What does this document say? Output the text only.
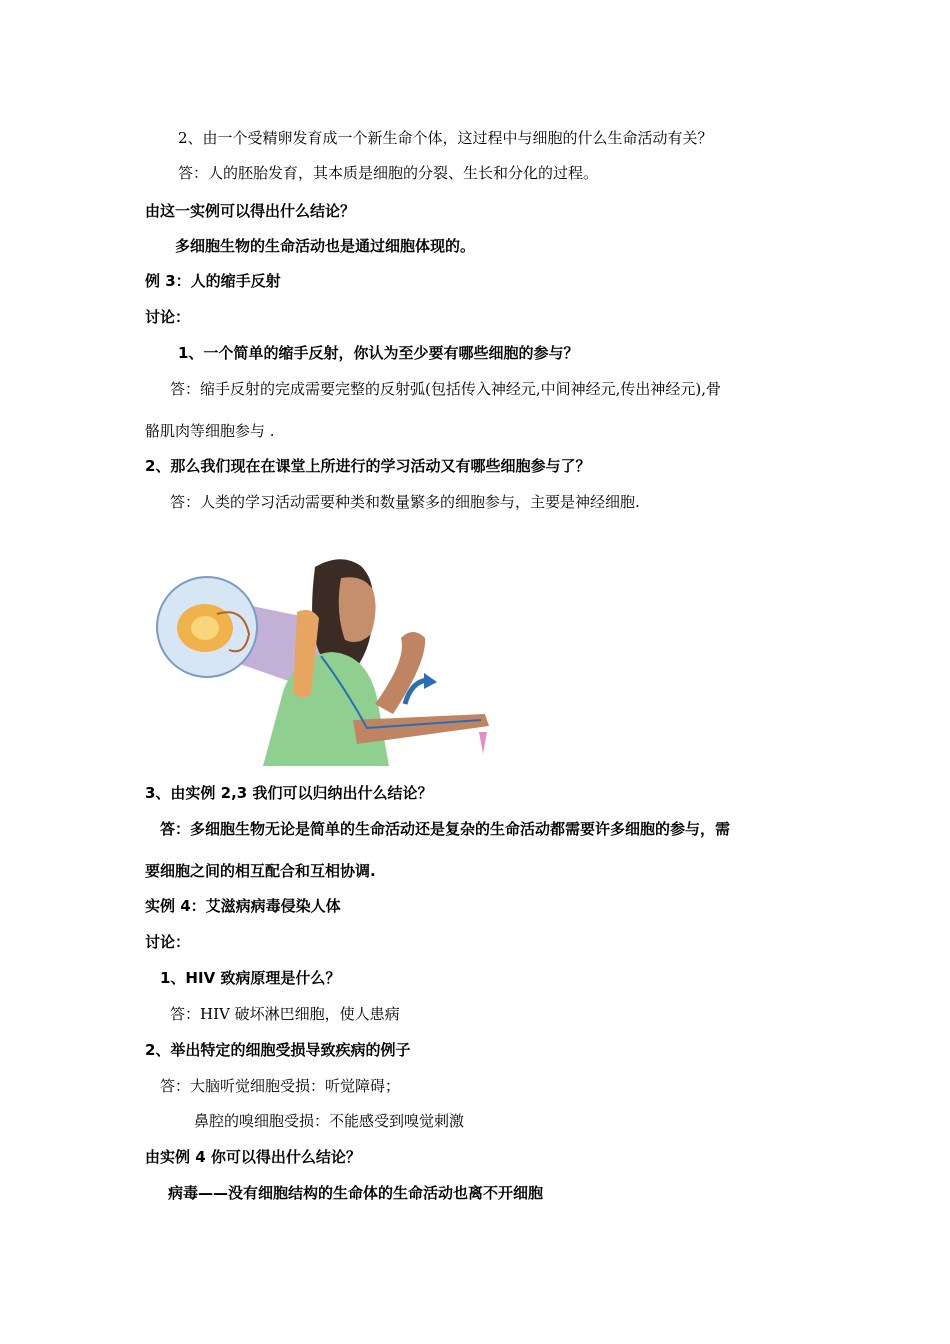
2、由一个受精卵发育成一个新生命个体，这过程中与细胞的什么生命活动有关？
答：人的胚胎发育，其本质是细胞的分裂、生长和分化的过程。
由这一实例可以得出什么结论？
多细胞生物的生命活动也是通过细胞体现的。
例 3：人的缩手反射
讨论：
1、一个简单的缩手反射，你认为至少要有哪些细胞的参与？
答：缩手反射的完成需要完整的反射弧(包括传入神经元,中间神经元,传出神经元),骨
骼肌肉等细胞参与 .
2、那么我们现在在课堂上所进行的学习活动又有哪些细胞参与了？
答：人类的学习活动需要种类和数量繁多的细胞参与，主要是神经细胞.
3、由实例 2,3 我们可以归纳出什么结论？
答：多细胞生物无论是简单的生命活动还是复杂的生命活动都需要许多细胞的参与，需
要细胞之间的相互配合和互相协调.
实例 4：艾滋病病毒侵染人体
讨论：
1、HIV 致病原理是什么？
答：HIV 破坏淋巴细胞，使人患病
2、举出特定的细胞受损导致疾病的例子
答：大脑听觉细胞受损：听觉障碍；
鼻腔的嗅细胞受损：不能感受到嗅觉刺激
由实例 4 你可以得出什么结论？
病毒——没有细胞结构的生命体的生命活动也离不开细胞
